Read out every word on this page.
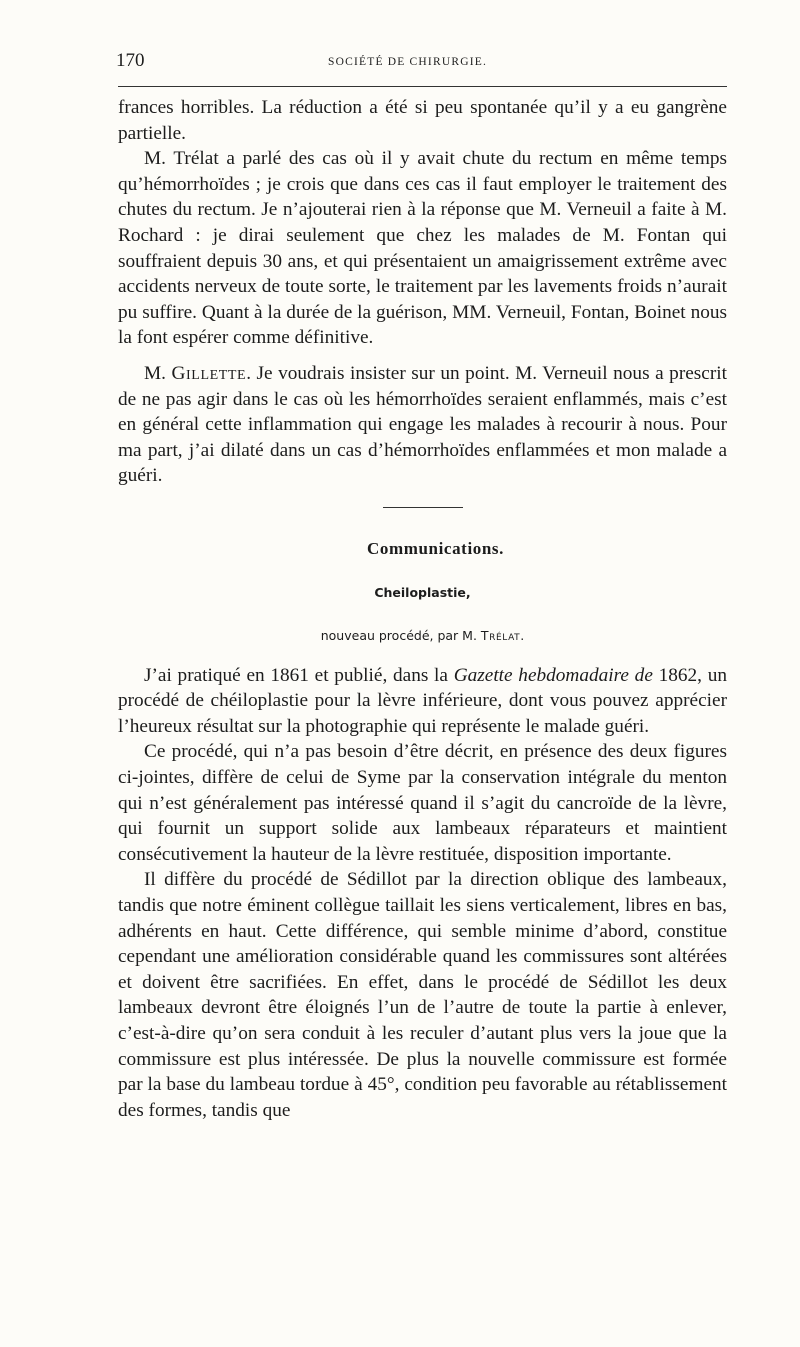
170	SOCIÉTÉ DE CHIRURGIE.

frances horribles. La réduction a été si peu spontanée qu’il y a eu gangrène partielle.

M. Trélat a parlé des cas où il y avait chute du rectum en même temps qu’hémorrhoïdes ; je crois que dans ces cas il faut employer le traitement des chutes du rectum. Je n’ajouterai rien à la réponse que M. Verneuil a faite à M. Rochard : je dirai seulement que chez les malades de M. Fontan qui souffraient depuis 30 ans, et qui présentaient un amaigrissement extrême avec accidents nerveux de toute sorte, le traitement par les lavements froids n’aurait pu suffire. Quant à la durée de la guérison, MM. Verneuil, Fontan, Boinet nous la font espérer comme définitive.

M. Gillette. Je voudrais insister sur un point. M. Verneuil nous a prescrit de ne pas agir dans le cas où les hémorrhoïdes seraient enflammés, mais c’est en général cette inflammation qui engage les malades à recourir à nous. Pour ma part, j’ai dilaté dans un cas d’hémorrhoïdes enflammées et mon malade a guéri.

Communications.

Cheiloplastie,
nouveau procédé, par M. Trélat.

J’ai pratiqué en 1861 et publié, dans la Gazette hebdomadaire de 1862, un procédé de chéiloplastie pour la lèvre inférieure, dont vous pouvez apprécier l’heureux résultat sur la photographie qui représente le malade guéri.

Ce procédé, qui n’a pas besoin d’être décrit, en présence des deux figures ci-jointes, diffère de celui de Syme par la conservation intégrale du menton qui n’est généralement pas intéressé quand il s’agit du cancroïde de la lèvre, qui fournit un support solide aux lambeaux réparateurs et maintient consécutivement la hauteur de la lèvre restituée, disposition importante.

Il diffère du procédé de Sédillot par la direction oblique des lambeaux, tandis que notre éminent collègue taillait les siens verticalement, libres en bas, adhérents en haut. Cette différence, qui semble minime d’abord, constitue cependant une amélioration considérable quand les commissures sont altérées et doivent être sacrifiées. En effet, dans le procédé de Sédillot les deux lambeaux devront être éloignés l’un de l’autre de toute la partie à enlever, c’est-à-dire qu’on sera conduit à les reculer d’autant plus vers la joue que la commissure est plus intéressée. De plus la nouvelle commissure est formée par la base du lambeau tordue à 45°, condition peu favorable au rétablissement des formes, tandis que
